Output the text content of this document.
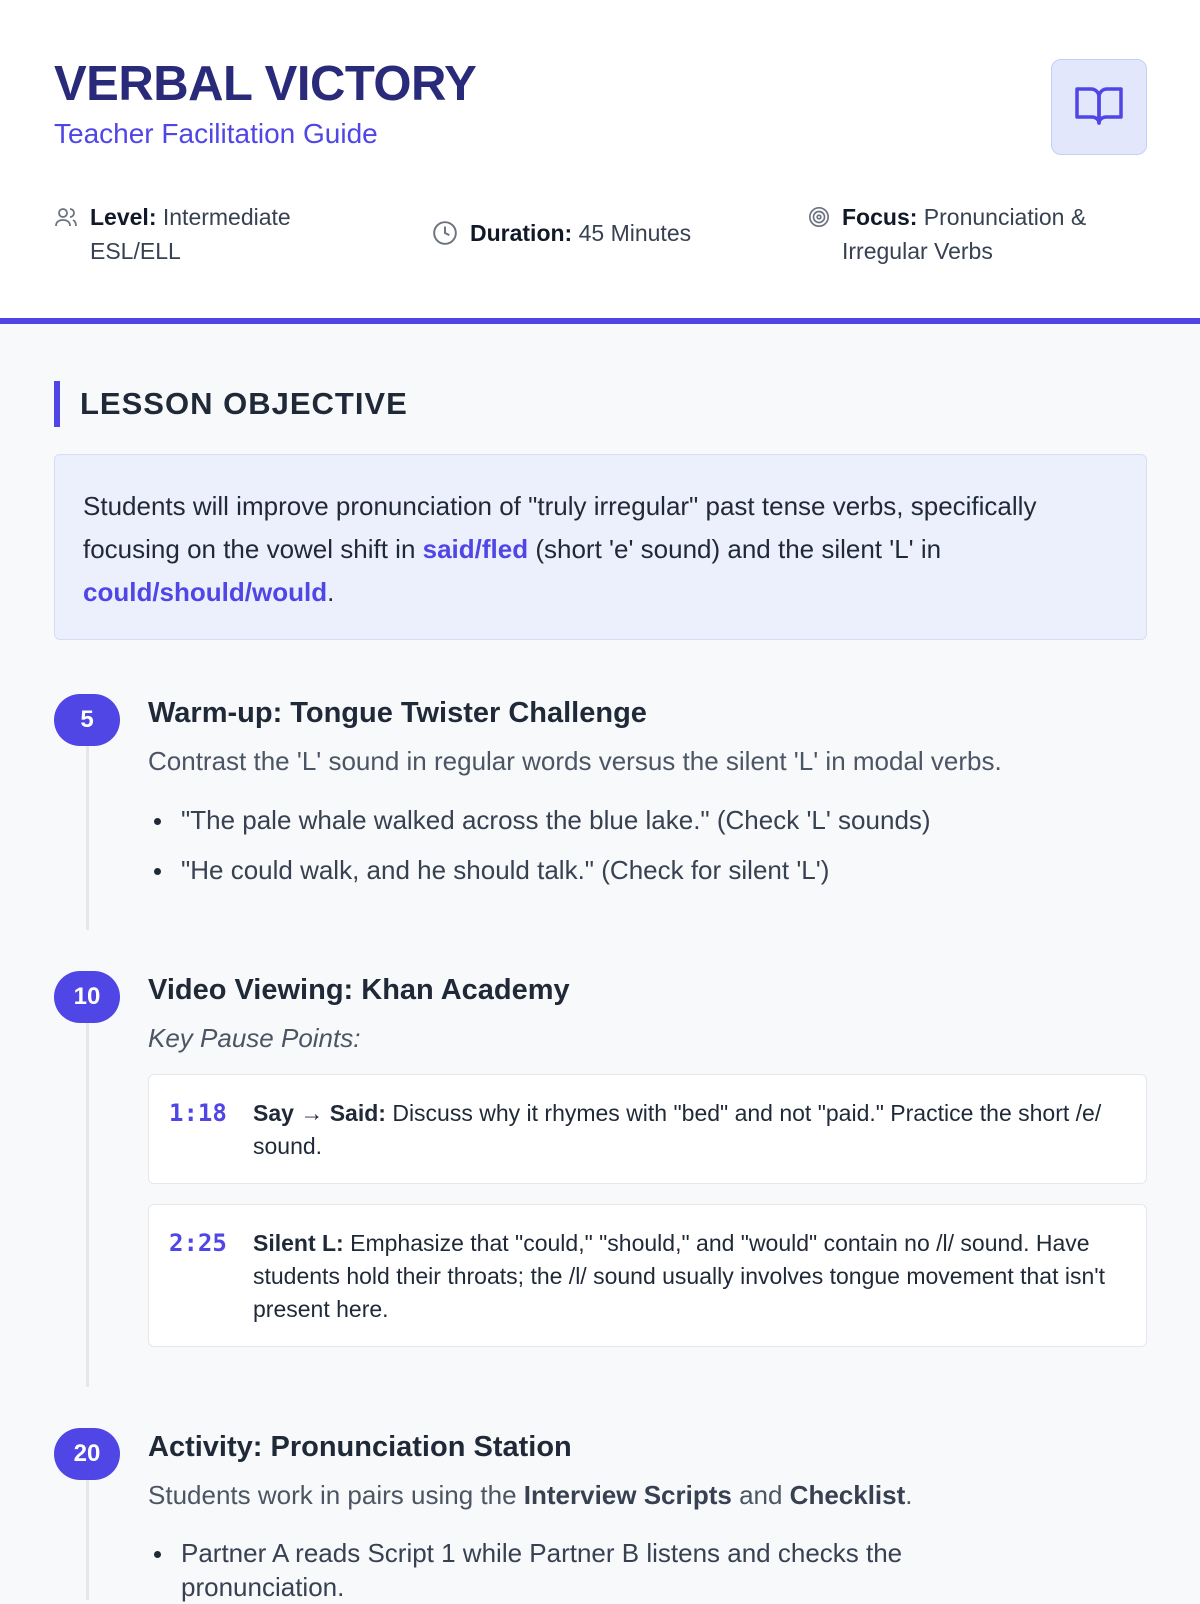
VERBAL VICTORY
Teacher Facilitation Guide
Level: Intermediate ESL/ELL
Duration: 45 Minutes
Focus: Pronunciation & Irregular Verbs
LESSON OBJECTIVE
Students will improve pronunciation of "truly irregular" past tense verbs, specifically focusing on the vowel shift in said/fled (short 'e' sound) and the silent 'L' in could/should/would.
5	Warm-up: Tongue Twister Challenge
Contrast the 'L' sound in regular words versus the silent 'L' in modal verbs.
"The pale whale walked across the blue lake." (Check 'L' sounds)
"He could walk, and he should talk." (Check for silent 'L')
10	Video Viewing: Khan Academy
Key Pause Points:
1:18	Say → Said: Discuss why it rhymes with "bed" and not "paid." Practice the short /e/ sound.
2:25	Silent L: Emphasize that "could," "should," and "would" contain no /l/ sound. Have students hold their throats; the /l/ sound usually involves tongue movement that isn't present here.
20	Activity: Pronunciation Station
Students work in pairs using the Interview Scripts and Checklist.
Partner A reads Script 1 while Partner B listens and checks the pronunciation.
